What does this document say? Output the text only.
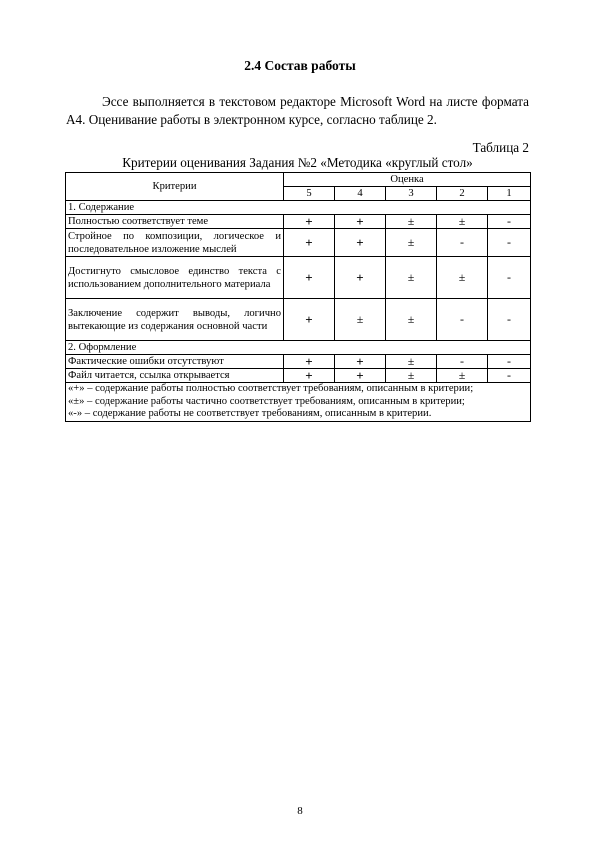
2.4 Состав работы
Эссе выполняется в текстовом редакторе Microsoft Word на листе формата А4. Оценивание работы в электронном курсе, согласно таблице 2.
Таблица 2
Критерии оценивания Задания №2 «Методика «круглый стол»
Критерии	Оценка				
	5	4	3	2	1
1. Содержание					
Полностью соответствует теме	+	+	±	±	-
Стройное по композиции, логическое и последовательное изложение мыслей	+	+	±	-	-
Достигнуто смысловое единство текста с использованием дополнительного материала	+	+	±	±	-
Заключение содержит выводы, логично вытекающие из содержания основной части	+	±	±	-	-
2. Оформление					
Фактические ошибки отсутствуют	+	+	±	-	-
Файл читается, ссылка открывается	+	+	±	±	-

«+» – содержание работы полностью соответствует требованиям, описанным в критерии;
«±» – содержание работы частично соответствует требованиям, описанным в критерии;
«-» – содержание работы не соответствует требованиям, описанным в критерии.					
8
